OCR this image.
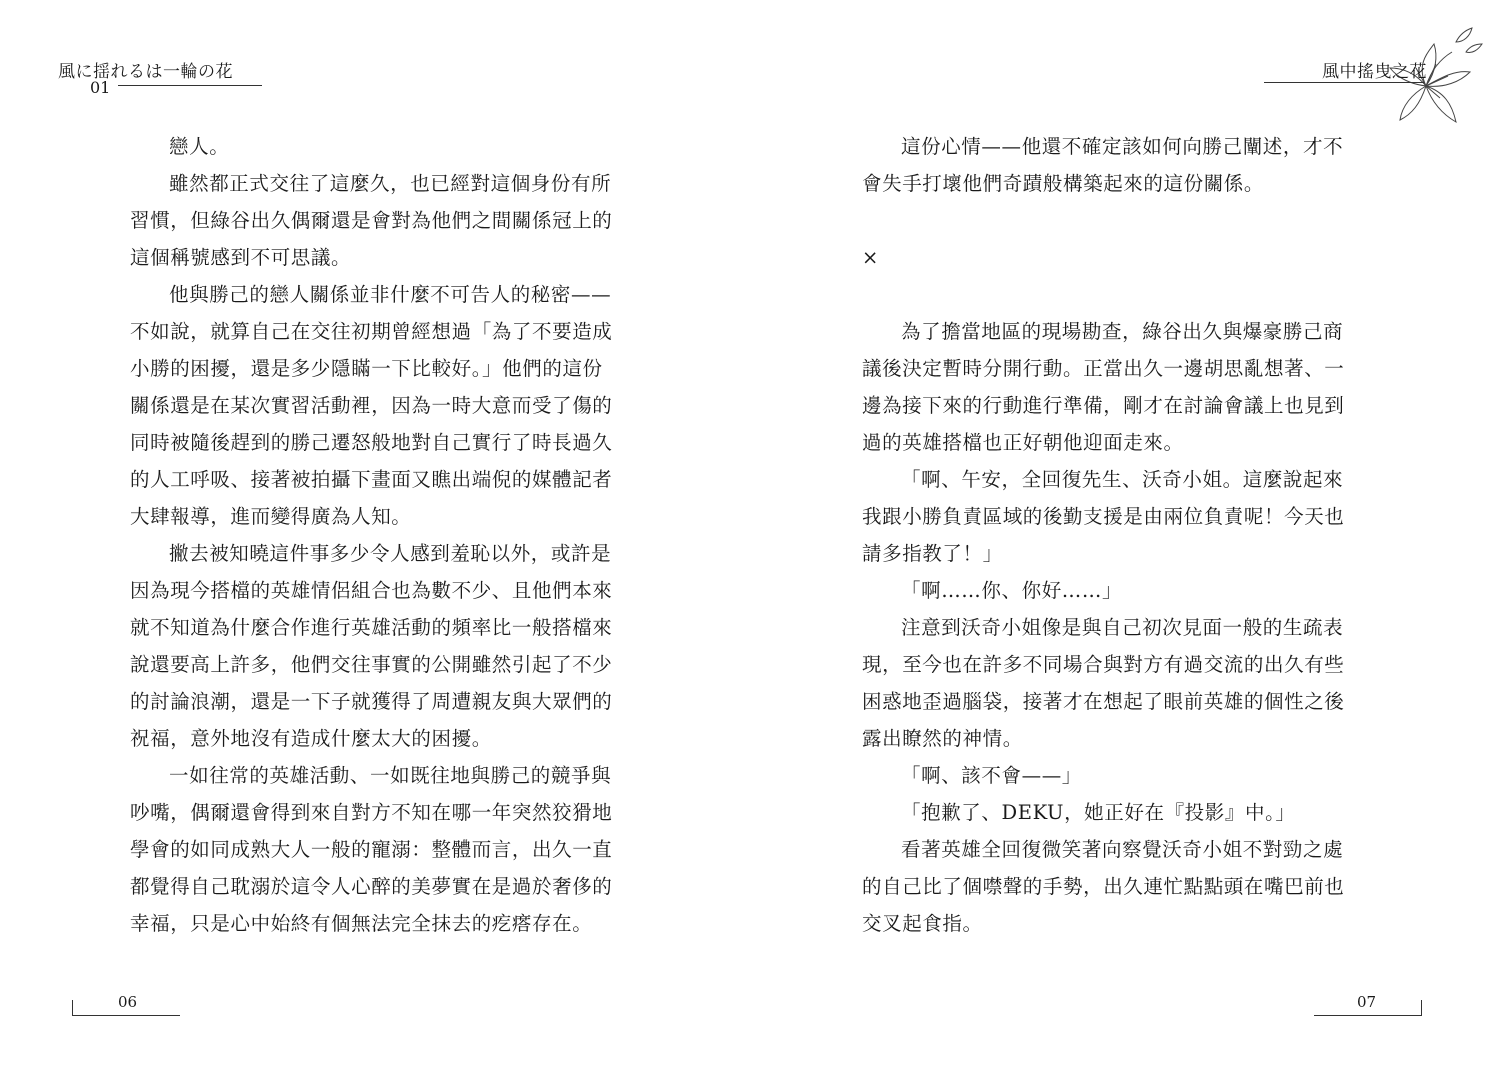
風に揺れるは一輪の花
01

戀人。

雖然都正式交往了這麼久，也已經對這個身份有所

習慣，但綠谷出久偶爾還是會對為他們之間關係冠上的

這個稱號感到不可思議。

他與勝己的戀人關係並非什麼不可告人的秘密——

不如說，就算自己在交往初期曾經想過「為了不要造成

小勝的困擾，還是多少隱瞞一下比較好。」他們的這份

關係還是在某次實習活動裡，因為一時大意而受了傷的

同時被隨後趕到的勝己遷怒般地對自己實行了時長過久

的人工呼吸、接著被拍攝下畫面又瞧出端倪的媒體記者

大肆報導，進而變得廣為人知。

撇去被知曉這件事多少令人感到羞恥以外，或許是

因為現今搭檔的英雄情侶組合也為數不少、且他們本來

就不知道為什麼合作進行英雄活動的頻率比一般搭檔來

說還要高上許多，他們交往事實的公開雖然引起了不少

的討論浪潮，還是一下子就獲得了周遭親友與大眾們的

祝福，意外地沒有造成什麼太大的困擾。

一如往常的英雄活動、一如既往地與勝己的競爭與

吵嘴，偶爾還會得到來自對方不知在哪一年突然狡猾地

學會的如同成熟大人一般的寵溺：整體而言，出久一直

都覺得自己耽溺於這令人心醉的美夢實在是過於奢侈的

幸福，只是心中始終有個無法完全抹去的疙瘩存在。

06
風中搖曳之花

這份心情——他還不確定該如何向勝己闡述，才不

會失手打壞他們奇蹟般構築起來的這份關係。

×

為了擔當地區的現場勘查，綠谷出久與爆豪勝己商

議後決定暫時分開行動。正當出久一邊胡思亂想著、一

邊為接下來的行動進行準備，剛才在討論會議上也見到

過的英雄搭檔也正好朝他迎面走來。

「啊、午安，全回復先生、沃奇小姐。這麼說起來

我跟小勝負責區域的後勤支援是由兩位負責呢！今天也

請多指教了！」

「啊……你、你好……」

注意到沃奇小姐像是與自己初次見面一般的生疏表

現，至今也在許多不同場合與對方有過交流的出久有些

困惑地歪過腦袋，接著才在想起了眼前英雄的個性之後

露出瞭然的神情。

「啊、該不會——」

「抱歉了、DEKU，她正好在『投影』中。」

看著英雄全回復微笑著向察覺沃奇小姐不對勁之處

的自己比了個噤聲的手勢，出久連忙點點頭在嘴巴前也

交叉起食指。

07
